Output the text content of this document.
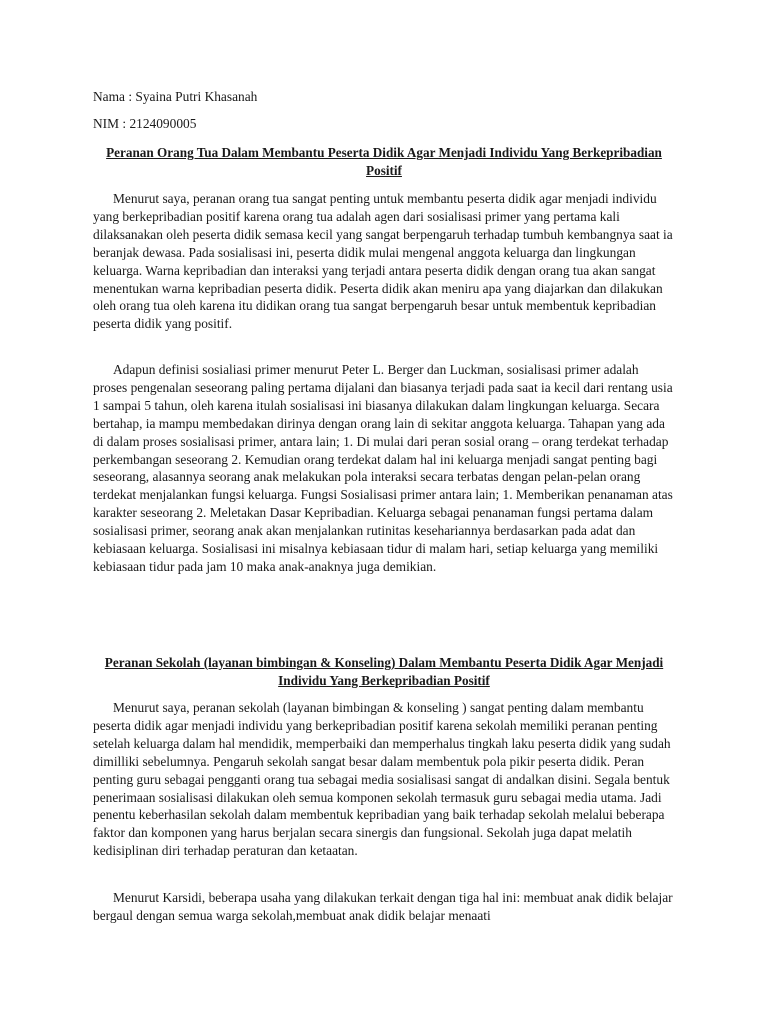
Nama : Syaina Putri Khasanah
NIM : 2124090005
Peranan Orang Tua Dalam Membantu Peserta Didik Agar Menjadi Individu Yang Berkepribadian Positif

Menurut saya, peranan orang tua sangat penting untuk membantu peserta didik agar menjadi individu yang berkepribadian positif karena orang tua adalah agen dari sosialisasi primer yang pertama kali dilaksanakan oleh peserta didik semasa kecil yang sangat berpengaruh terhadap tumbuh kembangnya saat ia beranjak dewasa. Pada sosialisasi ini, peserta didik mulai mengenal anggota keluarga dan lingkungan keluarga. Warna kepribadian dan interaksi yang terjadi antara peserta didik dengan orang tua akan sangat menentukan warna kepribadian peserta didik. Peserta didik akan meniru apa yang diajarkan dan dilakukan oleh orang tua oleh karena itu didikan orang tua sangat berpengaruh besar untuk membentuk kepribadian peserta didik yang positif.

Adapun definisi sosialiasi primer menurut Peter L. Berger dan Luckman, sosialisasi primer adalah proses pengenalan seseorang paling pertama dijalani dan biasanya terjadi pada saat ia kecil dari rentang usia 1 sampai 5 tahun, oleh karena itulah sosialisasi ini biasanya dilakukan dalam lingkungan keluarga. Secara bertahap, ia mampu membedakan dirinya dengan orang lain di sekitar anggota keluarga. Tahapan yang ada di dalam proses sosialisasi primer, antara lain; 1. Di mulai dari peran sosial orang – orang terdekat terhadap perkembangan seseorang 2. Kemudian orang terdekat dalam hal ini keluarga menjadi sangat penting bagi seseorang, alasannya seorang anak melakukan pola interaksi secara terbatas dengan pelan-pelan orang terdekat menjalankan fungsi keluarga. Fungsi Sosialisasi primer antara lain; 1. Memberikan penanaman atas karakter seseorang 2. Meletakan Dasar Kepribadian. Keluarga sebagai penanaman fungsi pertama dalam sosialisasi primer, seorang anak akan menjalankan rutinitas kesehariannya berdasarkan pada adat dan kebiasaan keluarga. Sosialisasi ini misalnya kebiasaan tidur di malam hari, setiap keluarga yang memiliki kebiasaan tidur pada jam 10 maka anak-anaknya juga demikian.

Peranan Sekolah (layanan bimbingan & Konseling) Dalam Membantu Peserta Didik Agar Menjadi Individu Yang Berkepribadian Positif

Menurut saya, peranan sekolah (layanan bimbingan & konseling ) sangat penting dalam membantu peserta didik agar menjadi individu yang berkepribadian positif karena sekolah memiliki peranan penting setelah keluarga dalam hal mendidik, memperbaiki dan memperhalus tingkah laku peserta didik yang sudah dimilliki sebelumnya. Pengaruh sekolah sangat besar dalam membentuk pola pikir peserta didik. Peran penting guru sebagai pengganti orang tua sebagai media sosialisasi sangat di andalkan disini. Segala bentuk penerimaan sosialisasi dilakukan oleh semua komponen sekolah termasuk guru sebagai media utama. Jadi penentu keberhasilan sekolah dalam membentuk kepribadian yang baik terhadap sekolah melalui beberapa faktor dan komponen yang harus berjalan secara sinergis dan fungsional. Sekolah juga dapat melatih kedisiplinan diri terhadap peraturan dan ketaatan.

Menurut Karsidi, beberapa usaha yang dilakukan terkait dengan tiga hal ini: membuat anak didik belajar bergaul dengan semua warga sekolah,membuat anak didik belajar menaati
